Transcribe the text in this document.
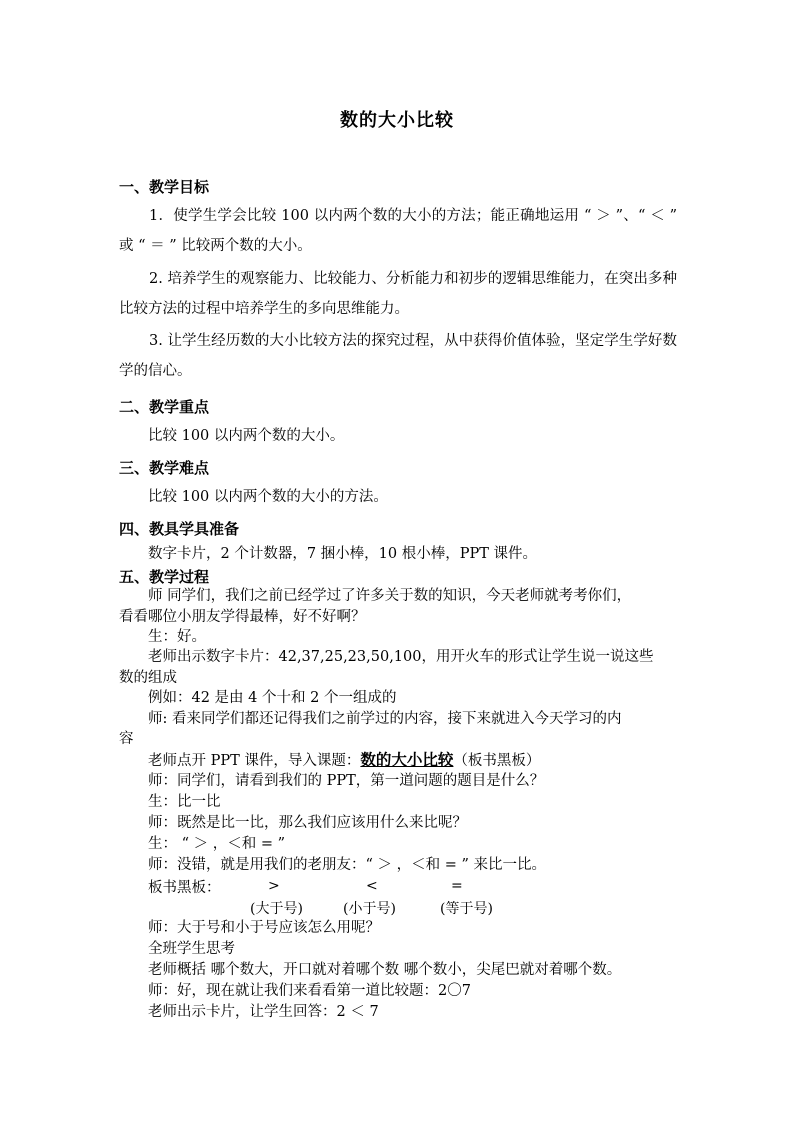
数的大小比较
一、教学目标
1．使学生学会比较 100 以内两个数的大小的方法；能正确地运用 “ ＞ ”、“ ＜ ” 或 “ ＝ ” 比较两个数的大小。
2. 培养学生的观察能力、比较能力、分析能力和初步的逻辑思维能力，在突出多种比较方法的过程中培养学生的多向思维能力。
3. 让学生经历数的大小比较方法的探究过程，从中获得价值体验，坚定学生学好数学的信心。
二、教学重点
比较 100 以内两个数的大小。
三、教学难点
比较 100 以内两个数的大小的方法。
四、教具学具准备
数字卡片，2 个计数器，7 捆小棒，10 根小棒，PPT 课件。
五、教学过程
师 同学们，我们之前已经学过了许多关于数的知识，今天老师就考考你们，
看看哪位小朋友学得最棒，好不好啊？
生：好。
老师出示数字卡片：42,37,25,23,50,100，用开火车的形式让学生说一说这些
数的组成
例如：42 是由 4 个十和 2 个一组成的
师: 看来同学们都还记得我们之前学过的内容，接下来就进入今天学习的内
容
老师点开 PPT 课件，导入课题：数的大小比较（板书黑板）
师：同学们，请看到我们的 PPT，第一道问题的题目是什么？
生：比一比
师：既然是比一比，那么我们应该用什么来比呢？
生： “ ＞ ，＜和 = ”
师：没错，就是用我们的老朋友：“ ＞ ，＜和 = ” 来比一比。
板书黑板：	>	<	=
(大于号)	(小于号)	(等于号)
师：大于号和小于号应该怎么用呢？
全班学生思考
老师概括 哪个数大，开口就对着哪个数 哪个数小，尖尾巴就对着哪个数。
师：好，现在就让我们来看看第一道比较题：2〇7
老师出示卡片，让学生回答：2 ＜ 7
